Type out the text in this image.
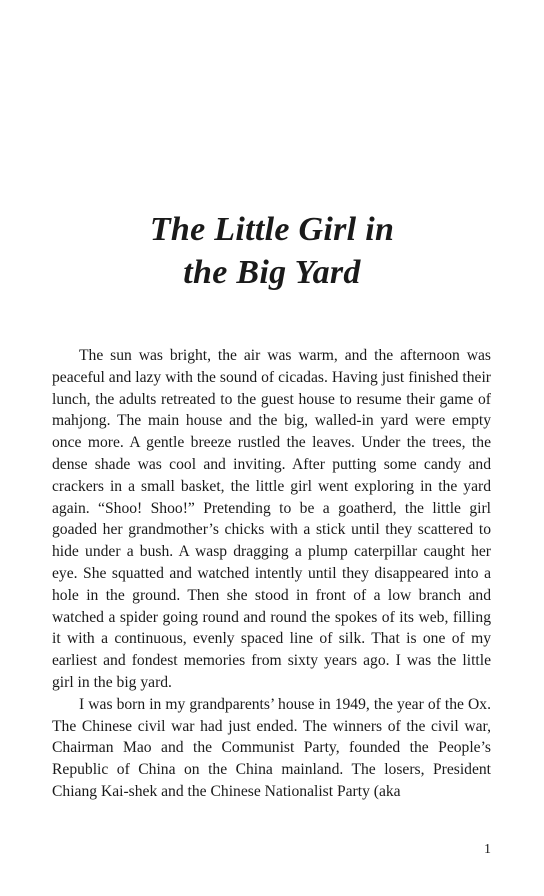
The Little Girl in
the Big Yard

The sun was bright, the air was warm, and the afternoon was peaceful and lazy with the sound of cicadas. Having just finished their lunch, the adults retreated to the guest house to resume their game of mahjong. The main house and the big, walled-in yard were empty once more. A gentle breeze rustled the leaves. Under the trees, the dense shade was cool and inviting. After putting some candy and crackers in a small basket, the little girl went exploring in the yard again. “Shoo! Shoo!” Pretending to be a goatherd, the little girl goaded her grandmother’s chicks with a stick until they scattered to hide under a bush. A wasp dragging a plump caterpillar caught her eye. She squatted and watched intently until they disappeared into a hole in the ground. Then she stood in front of a low branch and watched a spider going round and round the spokes of its web, filling it with a continuous, evenly spaced line of silk. That is one of my earliest and fondest memories from sixty years ago. I was the little girl in the big yard.

I was born in my grandparents’ house in 1949, the year of the Ox. The Chinese civil war had just ended. The winners of the civil war, Chairman Mao and the Communist Party, founded the People’s Republic of China on the China mainland. The losers, President Chiang Kai-shek and the Chinese Nationalist Party (aka

1
